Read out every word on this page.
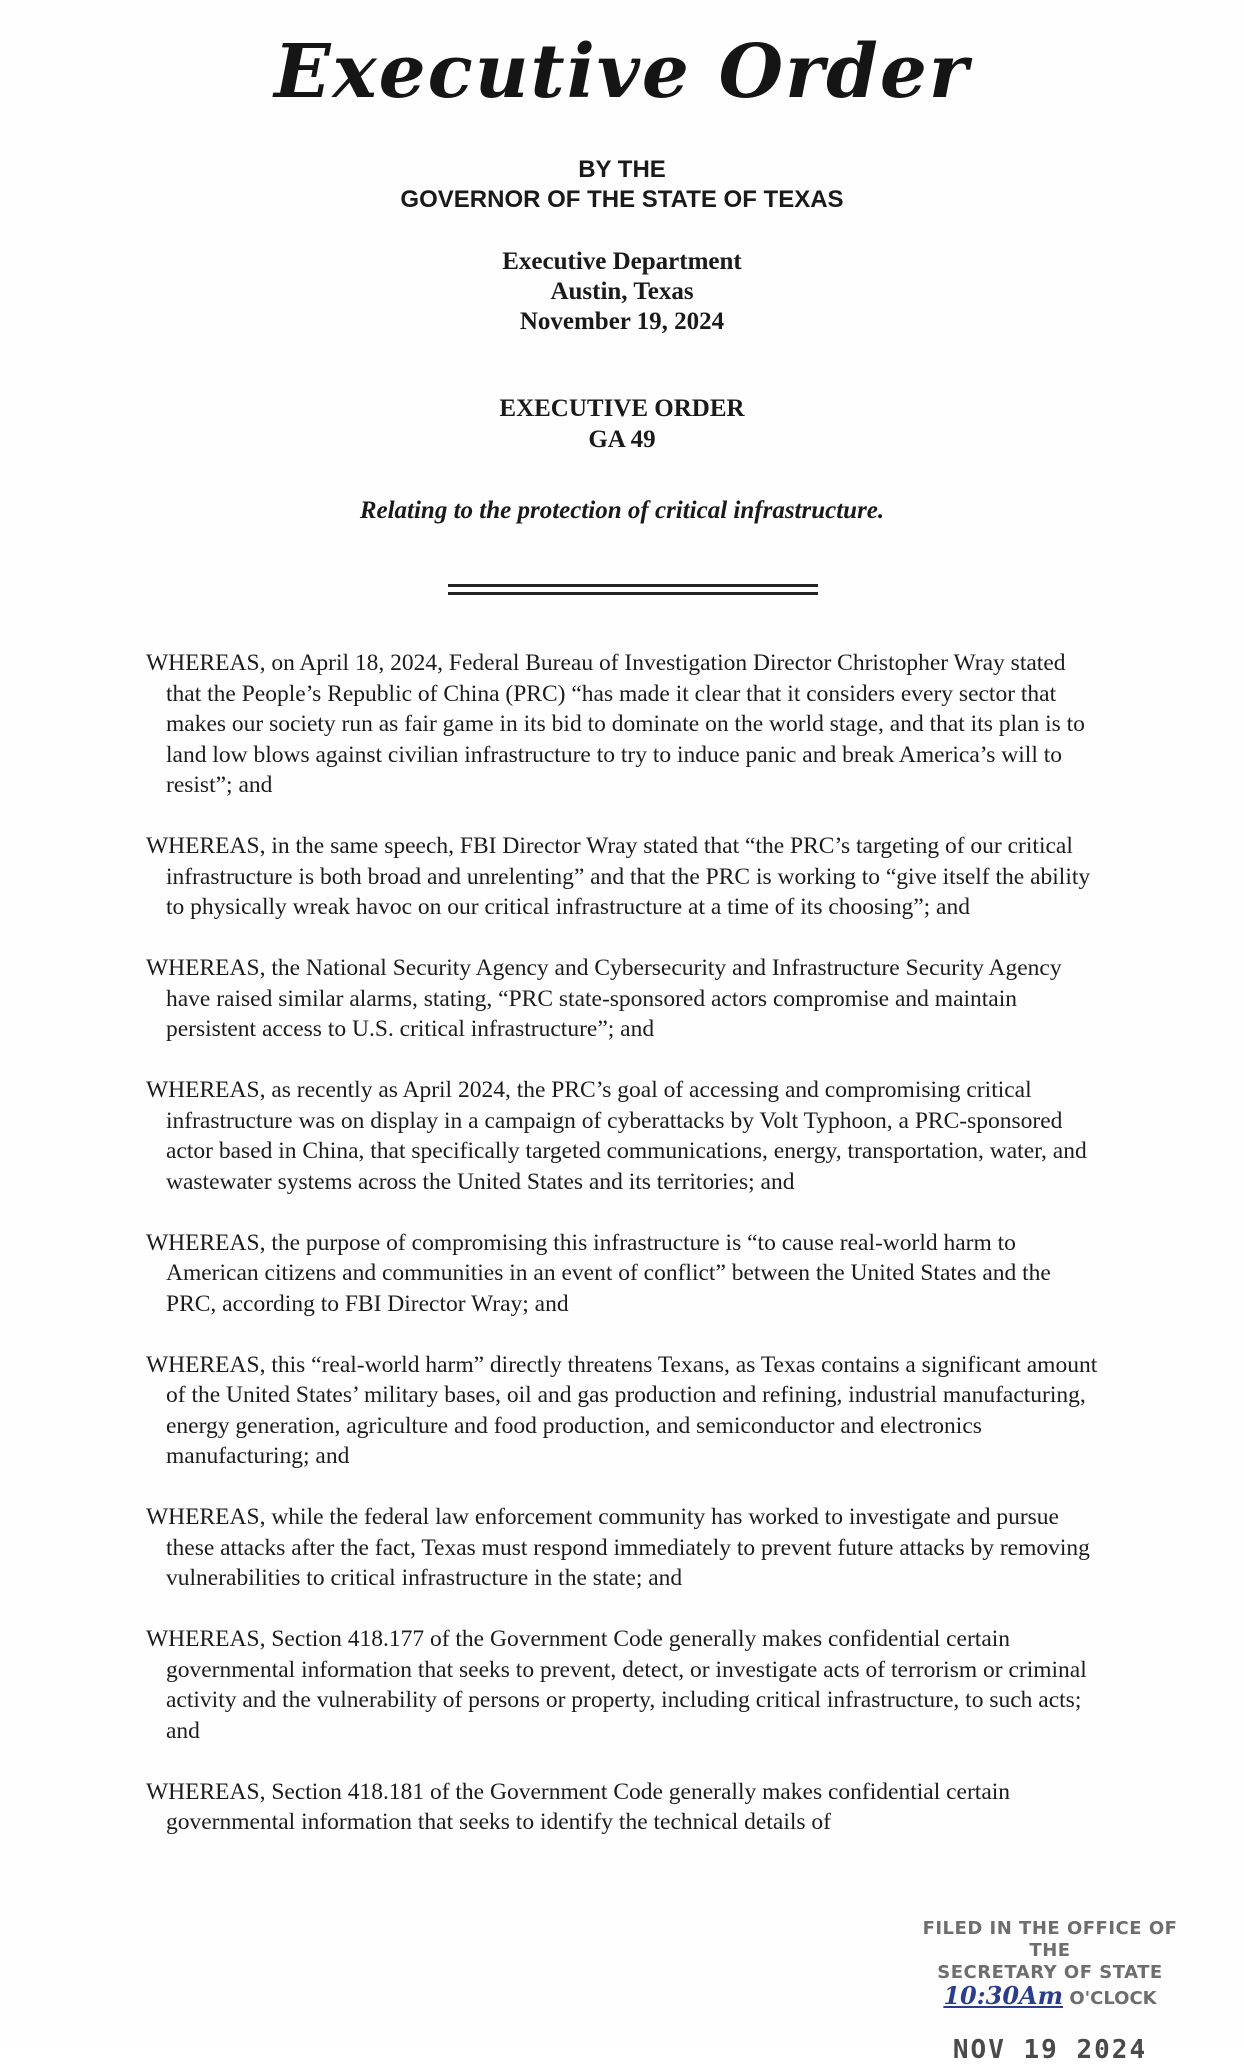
Executive Order
BY THE
GOVERNOR OF THE STATE OF TEXAS
Executive Department
Austin, Texas
November 19, 2024
EXECUTIVE ORDER
GA 49
Relating to the protection of critical infrastructure.

WHEREAS, on April 18, 2024, Federal Bureau of Investigation Director Christopher Wray stated that the People’s Republic of China (PRC) “has made it clear that it considers every sector that makes our society run as fair game in its bid to dominate on the world stage, and that its plan is to land low blows against civilian infrastructure to try to induce panic and break America’s will to resist”; and

WHEREAS, in the same speech, FBI Director Wray stated that “the PRC’s targeting of our critical infrastructure is both broad and unrelenting” and that the PRC is working to “give itself the ability to physically wreak havoc on our critical infrastructure at a time of its choosing”; and

WHEREAS, the National Security Agency and Cybersecurity and Infrastructure Security Agency have raised similar alarms, stating, “PRC state-sponsored actors compromise and maintain persistent access to U.S. critical infrastructure”; and

WHEREAS, as recently as April 2024, the PRC’s goal of accessing and compromising critical infrastructure was on display in a campaign of cyberattacks by Volt Typhoon, a PRC-sponsored actor based in China, that specifically targeted communications, energy, transportation, water, and wastewater systems across the United States and its territories; and

WHEREAS, the purpose of compromising this infrastructure is “to cause real-world harm to American citizens and communities in an event of conflict” between the United States and the PRC, according to FBI Director Wray; and

WHEREAS, this “real-world harm” directly threatens Texans, as Texas contains a significant amount of the United States’ military bases, oil and gas production and refining, industrial manufacturing, energy generation, agriculture and food production, and semiconductor and electronics manufacturing; and

WHEREAS, while the federal law enforcement community has worked to investigate and pursue these attacks after the fact, Texas must respond immediately to prevent future attacks by removing vulnerabilities to critical infrastructure in the state; and

WHEREAS, Section 418.177 of the Government Code generally makes confidential certain governmental information that seeks to prevent, detect, or investigate acts of terrorism or criminal activity and the vulnerability of persons or property, including critical infrastructure, to such acts; and

WHEREAS, Section 418.181 of the Government Code generally makes confidential certain governmental information that seeks to identify the technical details of

FILED IN THE OFFICE OF THE
SECRETARY OF STATE
10:30Am O'CLOCK
NOV 19 2024
